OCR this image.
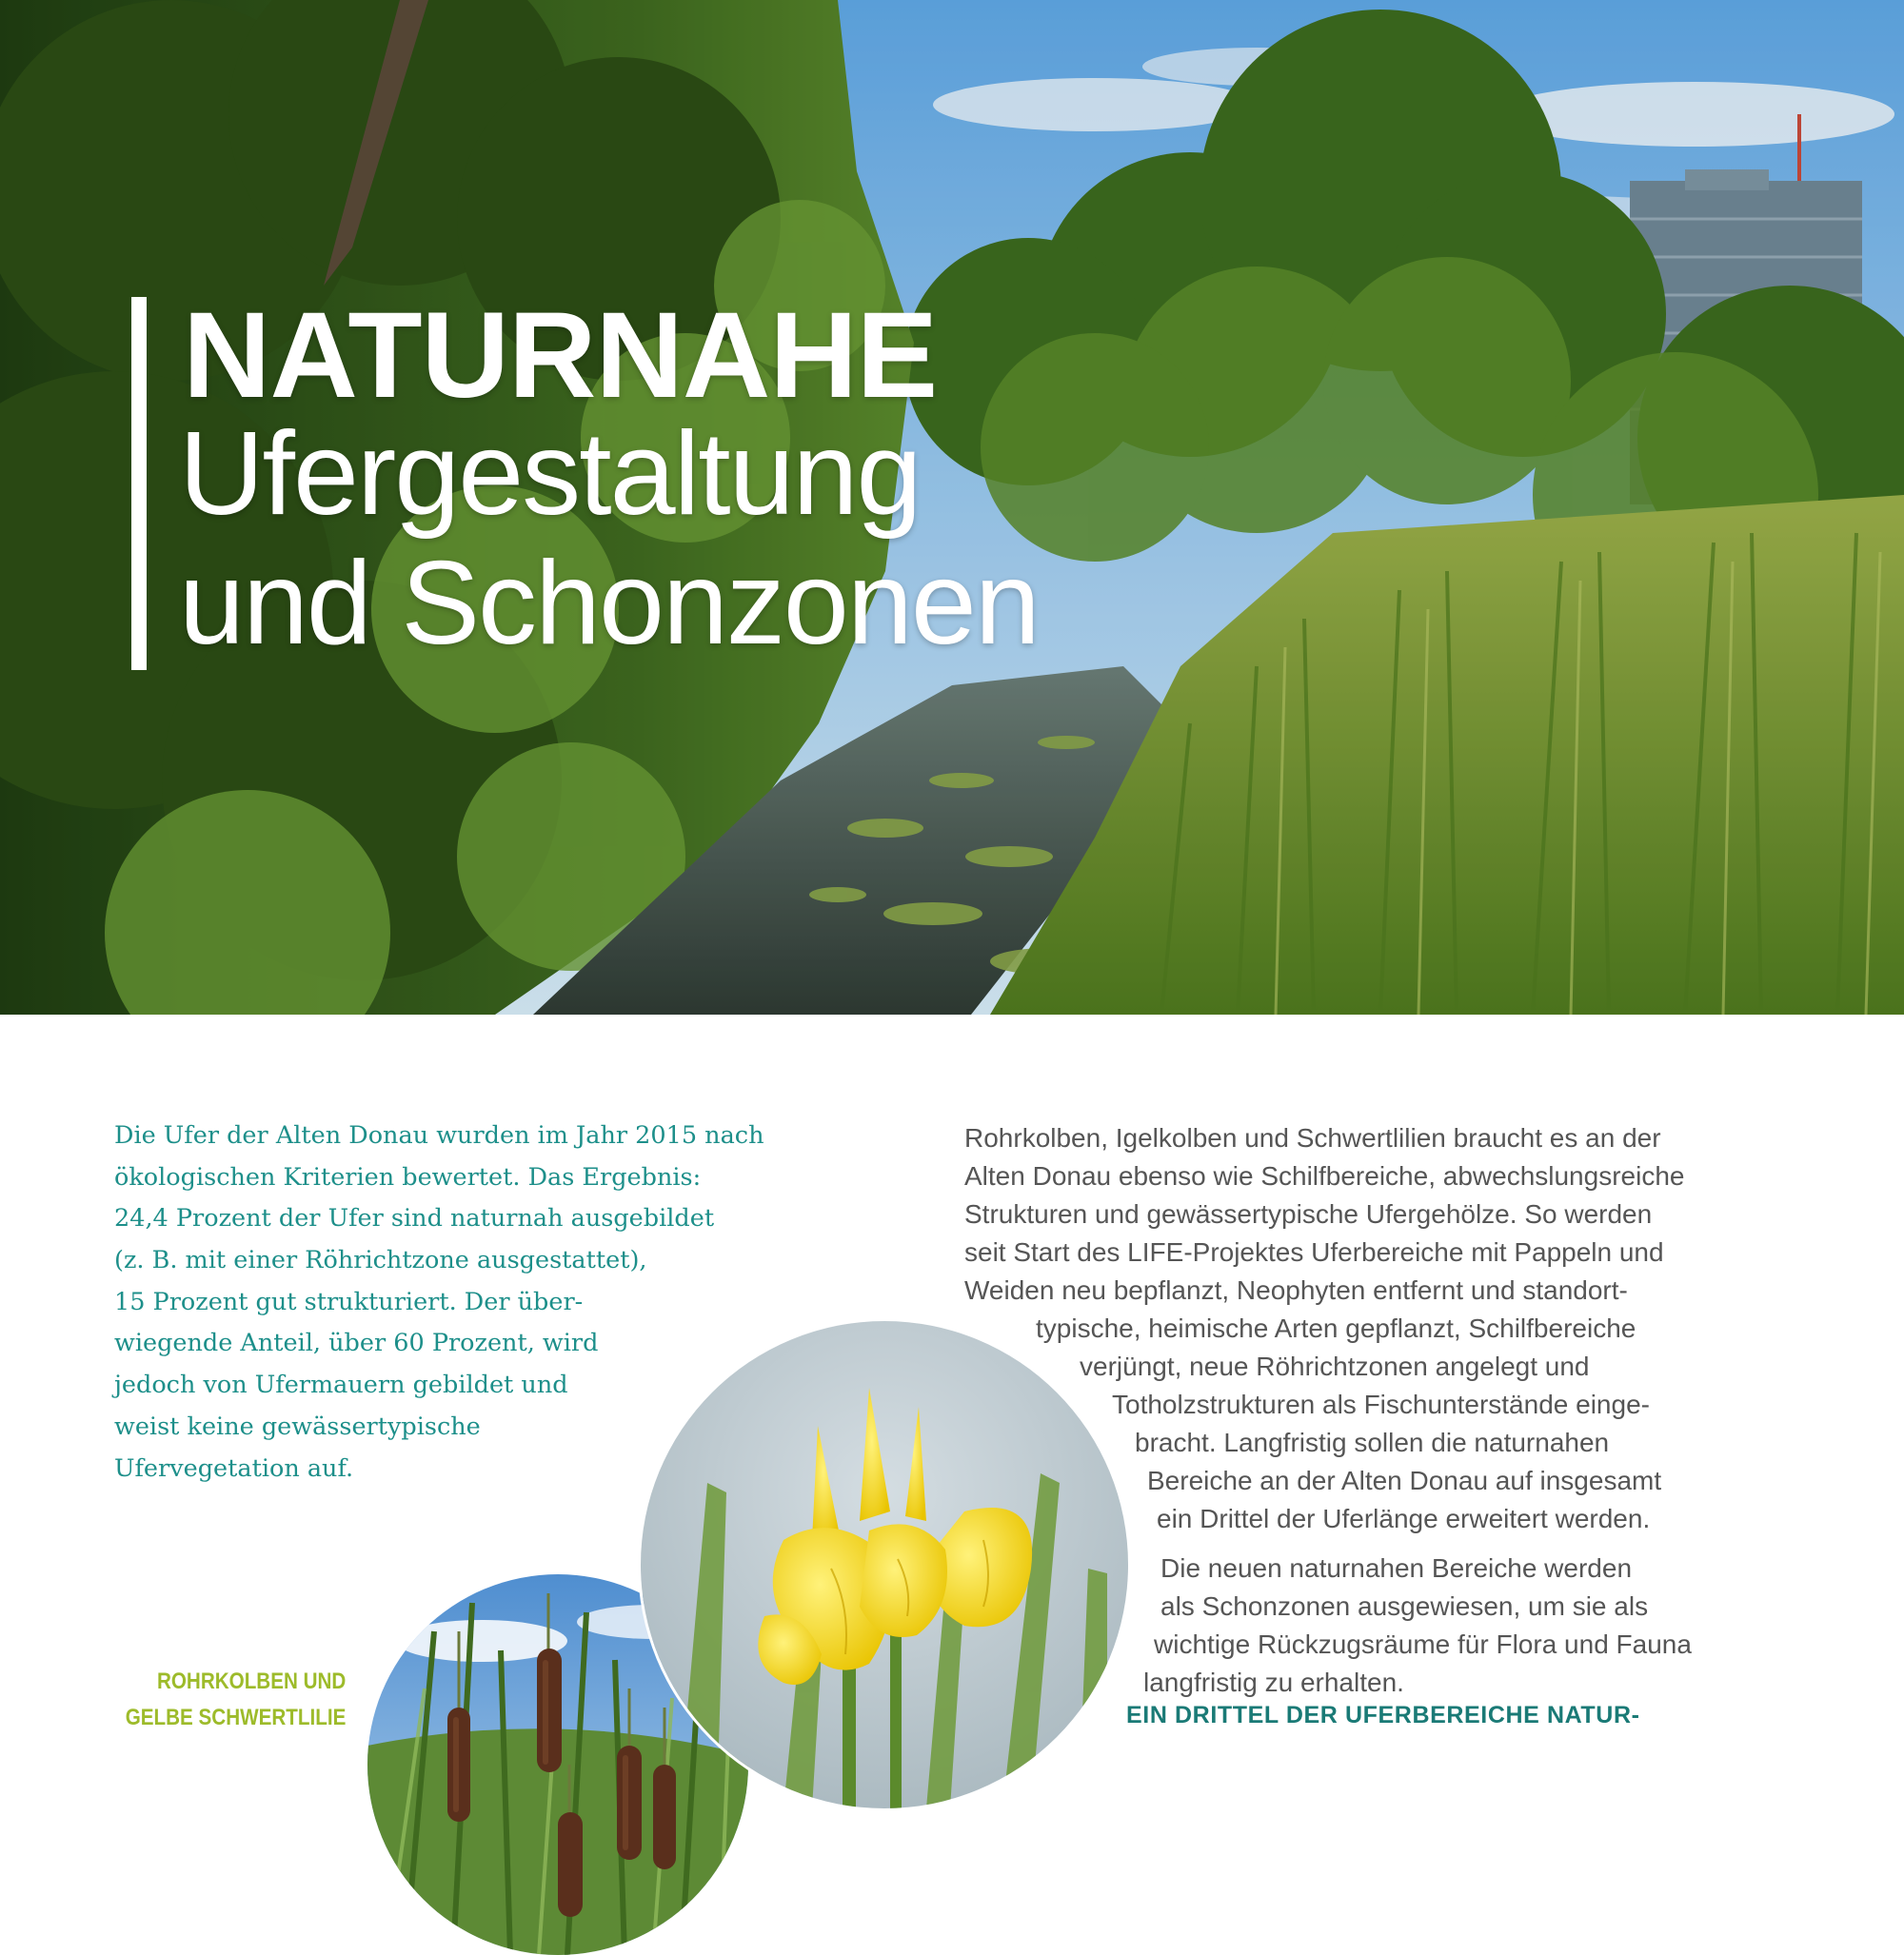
NATURNAHE
Ufergestaltung
und Schonzonen
Die Ufer der Alten Donau wurden im Jahr 2015 nach
ökologischen Kriterien bewertet. Das Ergebnis:
24,4 Prozent der Ufer sind naturnah ausgebildet
(z. B. mit einer Röhrichtzone ausgestattet),
15 Prozent gut strukturiert. Der über-
wiegende Anteil, über 60 Prozent, wird
jedoch von Ufermauern gebildet und
weist keine gewässertypische
Ufervegetation auf.
ROHRKOLBEN UND
GELBE SCHWERTLILIE
Rohrkolben, Igelkolben und Schwertlilien braucht es an der
Alten Donau ebenso wie Schilfbereiche, abwechslungsreiche
Strukturen und gewässertypische Ufergehölze. So werden
seit Start des LIFE-Projektes Uferbereiche mit Pappeln und
Weiden neu bepflanzt, Neophyten entfernt und standort-
typische, heimische Arten gepflanzt, Schilfbereiche
verjüngt, neue Röhrichtzonen angelegt und
Totholzstrukturen als Fischunterstände einge-
bracht. Langfristig sollen die naturnahen
Bereiche an der Alten Donau auf insgesamt
ein Drittel der Uferlänge erweitert werden.
Die neuen naturnahen Bereiche werden
als Schonzonen ausgewiesen, um sie als
wichtige Rückzugsräume für Flora und Fauna
langfristig zu erhalten.
EIN DRITTEL DER UFERBEREICHE NATUR-
